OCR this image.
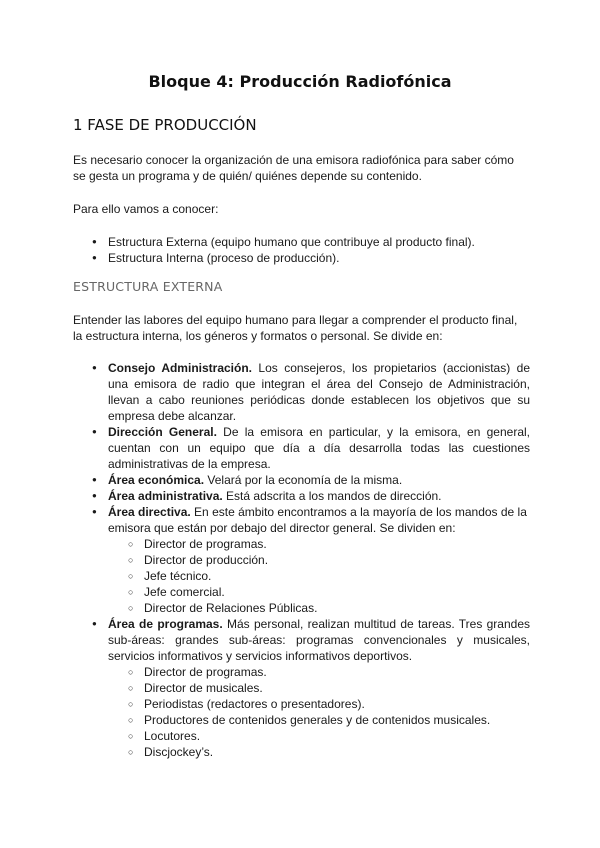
Bloque 4: Producción Radiofónica
1 FASE DE PRODUCCIÓN

Es necesario conocer la organización de una emisora radiofónica para saber cómo se gesta un programa y de quién/ quiénes depende su contenido.

Para ello vamos a conocer:

● Estructura Externa (equipo humano que contribuye al producto final).
● Estructura Interna (proceso de producción).
ESTRUCTURA EXTERNA

Entender las labores del equipo humano para llegar a comprender el producto final, la estructura interna, los géneros y formatos o personal. Se divide en:

● Consejo Administración. Los consejeros, los propietarios (accionistas) de una emisora de radio que integran el área del Consejo de Administración, llevan a cabo reuniones periódicas donde establecen los objetivos que su empresa debe alcanzar.
● Dirección General. De la emisora en particular, y la emisora, en general, cuentan con un equipo que día a día desarrolla todas las cuestiones administrativas de la empresa.
● Área económica. Velará por la economía de la misma.
● Área administrativa. Está adscrita a los mandos de dirección.
● Área directiva. En este ámbito encontramos a la mayoría de los mandos de la emisora que están por debajo del director general. Se dividen en:
○ Director de programas.
○ Director de producción.
○ Jefe técnico.
○ Jefe comercial.
○ Director de Relaciones Públicas.
● Área de programas. Más personal, realizan multitud de tareas. Tres grandes sub-áreas: grandes sub-áreas: programas convencionales y musicales, servicios informativos y servicios informativos deportivos.
○ Director de programas.
○ Director de musicales.
○ Periodistas (redactores o presentadores).
○ Productores de contenidos generales y de contenidos musicales.
○ Locutores.
○ Discjockey’s.
